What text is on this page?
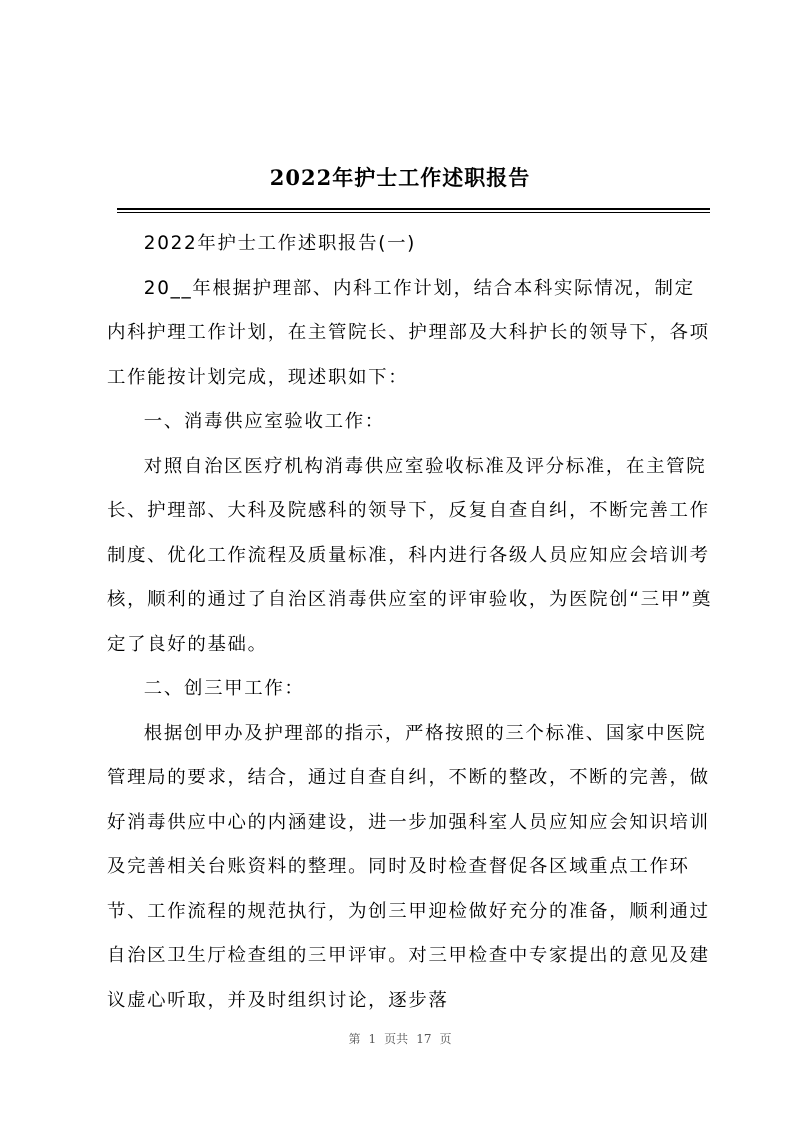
2022年护士工作述职报告

2022年护士工作述职报告(一)

20__年根据护理部、内科工作计划，结合本科实际情况，制定内科护理工作计划，在主管院长、护理部及大科护长的领导下，各项工作能按计划完成，现述职如下：

一、消毒供应室验收工作：

对照自治区医疗机构消毒供应室验收标准及评分标准，在主管院长、护理部、大科及院感科的领导下，反复自查自纠，不断完善工作制度、优化工作流程及质量标准，科内进行各级人员应知应会培训考核，顺利的通过了自治区消毒供应室的评审验收，为医院创“三甲”奠定了良好的基础。

二、创三甲工作：

根据创甲办及护理部的指示，严格按照的三个标准、国家中医院管理局的要求，结合，通过自查自纠，不断的整改，不断的完善，做好消毒供应中心的内涵建设，进一步加强科室人员应知应会知识培训及完善相关台账资料的整理。同时及时检查督促各区域重点工作环节、工作流程的规范执行，为创三甲迎检做好充分的准备，顺利通过自治区卫生厅检查组的三甲评审。对三甲检查中专家提出的意见及建议虚心听取，并及时组织讨论，逐步落

第 1 页共 17 页
